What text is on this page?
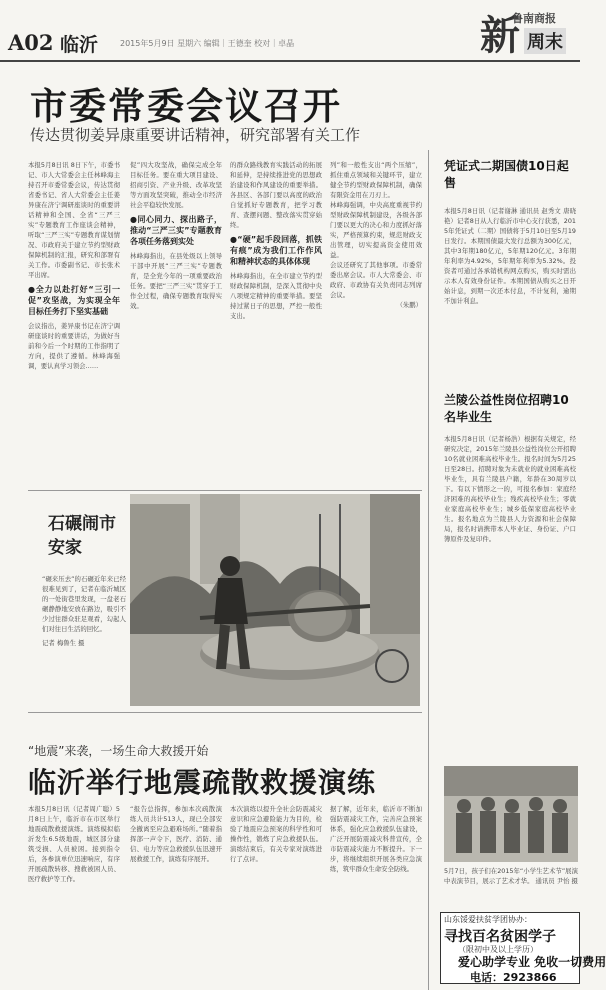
A02 临沂	2015年5月9日 星期六 编辑｜王德奎 校对｜卓晶	新
鲁南商报
周末
市委常委会议召开
传达贯彻姜异康重要讲话精神，研究部署有关工作
本报5月8日讯 8日下午，市委书记、市人大常委会主任林峰海主持召开市委常委会议，传达贯彻省委书记、省人大常委会主任姜异康在济宁调研座谈时的重要讲话精神和全国、全省“三严三实”专题教育工作座谈会精神，听取“三严三实”专题教育谋划情况、市政府关于建立节约型财政保障机制的汇报，研究和部署有关工作。市委副书记、市长张术平出席。
●全力以赴打好“三引一促”攻坚战，为实现全年目标任务打下坚实基础
会议指出，姜异康书记在济宁调研座谈时的重要讲话，为做好当前和今后一个时期的工作指明了方向，提供了遵循。林峰海强调，要认真学习领会……
促”四大攻坚战，确保完成全年目标任务。要在重大项目建设、招商引资、产业升级、改革攻坚等方面攻坚突破，推动全市经济社会平稳较快发展。
●同心同力、探出路子，推动“三严三实”专题教育各项任务落到实处
林峰海指出，在县处级以上领导干部中开展“三严三实”专题教育，是全党今年的一项重要政治任务。要把“三严三实”贯穿于工作全过程，确保专题教育取得实效。
的群众路线教育实践活动的拓展和延伸，是持续推进党的思想政治建设和作风建设的重要举措。各县区、各部门要以高度的政治自觉抓好专题教育，把学习教育、查摆问题、整改落实贯穿始终。
●“硬”起手段回落，抓铁有痕”成为我们工作作风和精神状态的具体体现
林峰海指出，在全市建立节约型财政保障机制，是深入贯彻中央八项规定精神的重要举措。要坚持过紧日子的思想，严控一般性支出。
列”和一般性支出“两个压缩”，抓住重点领域和关键环节，建立健全节约型财政保障机制，确保有限资金用在刀刃上。
林峰海强调，中央高度重视节约型财政保障机制建设，各级各部门要以更大的决心和力度抓好落实，严格预算约束，规范财政支出管理，切实提高资金使用效益。
会议还研究了其他事项。市委常委出席会议。市人大常委会、市政府、市政协有关负责同志列席会议。
（朱鹏）
凭证式二期国债10日起售
本报5月8日讯（记者谢淋 通讯员 赵秀文 唐晓艳）记者8日从人行临沂市中心支行获悉，2015年凭证式（二期）国债将于5月10日至5月19日发行。本期国债最大发行总额为300亿元，其中3年期180亿元，5年期120亿元。3年期年利率为4.92%，5年期年利率为5.32%。投资者可通过各承销机构网点购买，购买时需出示本人有效身份证件。本期国债从购买之日开始计息，到期一次还本付息，不计复利，逾期不加计利息。
兰陵公益性岗位招聘10名毕业生
本报5月8日讯（记者杨浩）根据有关规定，经研究决定，2015年兰陵县公益性岗位公开招聘10名就业困难高校毕业生。报名时间为5月25日至28日。招聘对象为未就业的就业困难高校毕业生，具有兰陵县户籍，年龄在30周岁以下。有以下情形之一的，可报名参加：家庭经济困难的高校毕业生；残疾高校毕业生；零就业家庭高校毕业生；城乡低保家庭高校毕业生。报名地点为兰陵县人力资源和社会保障局，报名时请携带本人毕业证、身份证、户口簿原件及复印件。
石碾闹市安家
“碾来压去”的石碾近年来已经很难见到了，记者在临沂城区的一处街巷里发现，一盘老石碾静静地安放在路边，吸引不少过往群众驻足观看，勾起人们对往日生活的回忆。
记者 梅鲁生 摄
“地震”来袭，一场生命大救援开始
临沂举行地震疏散救援演练
本报5月8日讯（记者周广聪）5月8日上午，临沂市在市区举行地震疏散救援演练。演练模拟临沂发生6.5级地震，城区部分建筑受损、人员被困。接到指令后，各参演单位迅速响应，有序开展疏散转移、搜救被困人员、医疗救护等工作。
“报告总指挥，参加本次疏散演练人员共计513人，现已全部安全撤离至应急避难场所。”随着指挥部一声令下，医疗、消防、通信、电力等应急救援队伍迅速开展救援工作，演练有序展开。
本次演练以提升全社会防震减灾意识和应急避险能力为目的，检验了地震应急预案的科学性和可操作性，锻炼了应急救援队伍。演练结束后，有关专家对演练进行了点评。
据了解，近年来，临沂市不断加强防震减灾工作，完善应急预案体系，强化应急救援队伍建设，广泛开展防震减灾科普宣传，全市防震减灾能力不断提升。下一步，将继续组织开展各类应急演练，筑牢群众生命安全防线。	5月7日，孩子们在2015年“小学生艺术节”展演中表演节目，展示了艺术才华。 通讯员 尹怡 摄
山东馁爱扶贫学团协办：
寻找百名贫困学子
（限初中及以上学历）
爱心助学专业 免收一切费用
电话：2923866
